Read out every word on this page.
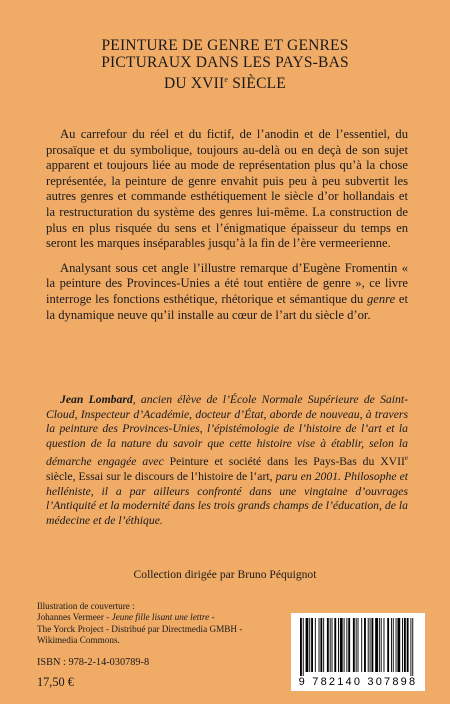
PEINTURE DE GENRE ET GENRES
PICTURAUX DANS LES PAYS-BAS
DU XVIIe SIÈCLE

Au carrefour du réel et du fictif, de l’anodin et de l’essentiel, du prosaïque et du symbolique, toujours au-delà ou en deçà de son sujet apparent et toujours liée au mode de représentation plus qu’à la chose représentée, la peinture de genre envahit puis peu à peu subvertit les autres genres et commande esthétiquement le siècle d’or hollandais et la restructuration du système des genres lui-même. La construction de plus en plus risquée du sens et l’énigmatique épaisseur du temps en seront les marques inséparables jusqu’à la fin de l’ère vermeerienne.

Analysant sous cet angle l’illustre remarque d’Eugène Fromentin « la peinture des Provinces-Unies a été tout entière de genre », ce livre interroge les fonctions esthétique, rhétorique et sémantique du genre et la dynamique neuve qu’il installe au cœur de l’art du siècle d’or.

Jean Lombard, ancien élève de l’École Normale Supérieure de Saint-Cloud, Inspecteur d’Académie, docteur d’État, aborde de nouveau, à travers la peinture des Provinces-Unies, l’épistémologie de l’histoire de l’art et la question de la nature du savoir que cette histoire vise à établir, selon la démarche engagée avec Peinture et société dans les Pays-Bas du XVIIe siècle, Essai sur le discours de l’histoire de l’art, paru en 2001. Philosophe et helléniste, il a par ailleurs confronté dans une vingtaine d’ouvrages l’Antiquité et la modernité dans les trois grands champs de l’éducation, de la médecine et de l’éthique.
Collection dirigée par Bruno Péquignot
Illustration de couverture :
Johannes Vermeer - Jeune fille lisant une lettre -
The Yorck Project - Distribué par Directmedia GMBH -
Wikimedia Commons.
ISBN : 978-2-14-030789-8
17,50 €	9 782140 307898
